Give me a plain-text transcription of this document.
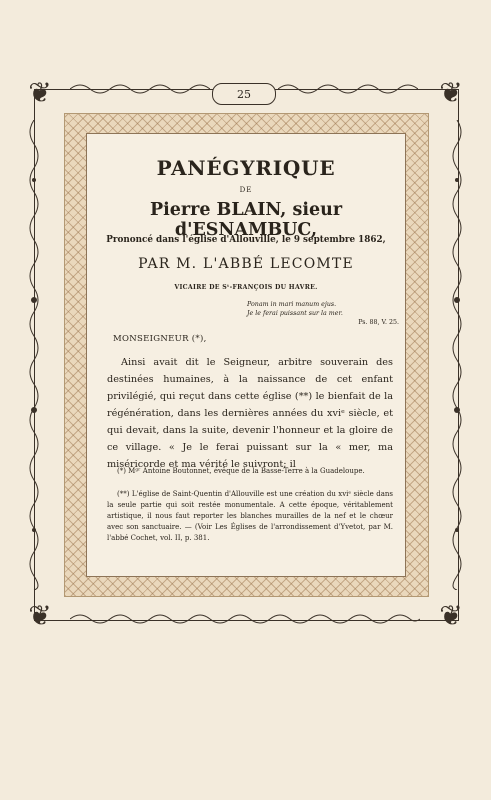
❦	❦
❦	❦
25
PANÉGYRIQUE
DE
Pierre BLAIN, sieur d'ESNAMBUC,
Prononcé dans l'église d'Allouville, le 9 septembre 1862,
PAR M. L'ABBÉ LECOMTE
VICAIRE DE Sᵗ-FRANÇOIS DU HAVRE.
Ponam in mari manum ejus.
Je le ferai puissant sur la mer.
Ps. 88, V. 25.
MONSEIGNEUR (*),
Ainsi avait dit le Seigneur, arbitre souverain des destinées humaines, à la naissance de cet enfant privilégié, qui reçut dans cette église (**) le bienfait de la régénération, dans les dernières années du xviᵉ siècle, et qui devait, dans la suite, devenir l'honneur et la gloire de ce village. « Je le ferai puissant sur la « mer, ma miséricorde et ma vérité le suivront; il
(*) Mᵍʳ Antoine Boutonnet, évêque de la Basse-Terre à la Guadeloupe.
(**) L'église de Saint-Quentin d'Allouville est une création du xviᵉ siècle dans la seule partie qui soit restée monumentale. A cette époque, véritablement artistique, il nous faut reporter les blanches murailles de la nef et le chœur avec son sanctuaire. — (Voir Les Églises de l'arrondissement d'Yvetot, par M. l'abbé Cochet, vol. II, p. 381.
